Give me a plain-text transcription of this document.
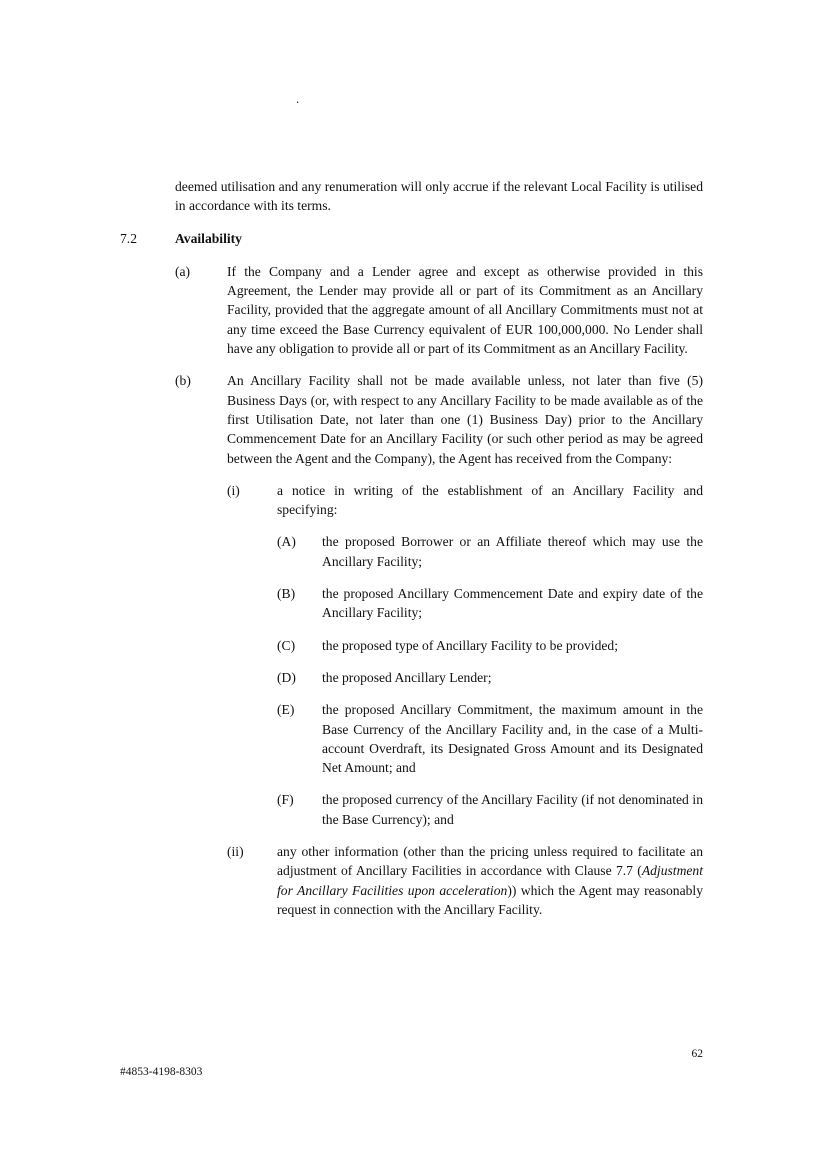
.

deemed utilisation and any renumeration will only accrue if the relevant Local Facility is utilised in accordance with its terms.

7.2	Availability
(a)	If the Company and a Lender agree and except as otherwise provided in this Agreement, the Lender may provide all or part of its Commitment as an Ancillary Facility, provided that the aggregate amount of all Ancillary Commitments must not at any time exceed the Base Currency equivalent of EUR 100,000,000. No Lender shall have any obligation to provide all or part of its Commitment as an Ancillary Facility.

(b)	An Ancillary Facility shall not be made available unless, not later than five (5) Business Days (or, with respect to any Ancillary Facility to be made available as of the first Utilisation Date, not later than one (1) Business Day) prior to the Ancillary Commencement Date for an Ancillary Facility (or such other period as may be agreed between the Agent and the Company), the Agent has received from the Company:

(i)	a notice in writing of the establishment of an Ancillary Facility and specifying:

(A)	the proposed Borrower or an Affiliate thereof which may use the Ancillary Facility;

(B)	the proposed Ancillary Commencement Date and expiry date of the Ancillary Facility;

(C)	the proposed type of Ancillary Facility to be provided;

(D)	the proposed Ancillary Lender;

(E)	the proposed Ancillary Commitment, the maximum amount in the Base Currency of the Ancillary Facility and, in the case of a Multi-account Overdraft, its Designated Gross Amount and its Designated Net Amount; and

(F)	the proposed currency of the Ancillary Facility (if not denominated in the Base Currency); and

(ii)	any other information (other than the pricing unless required to facilitate an adjustment of Ancillary Facilities in accordance with Clause 7.7 (Adjustment for Ancillary Facilities upon acceleration)) which the Agent may reasonably request in connection with the Ancillary Facility.

62
#4853-4198-8303
